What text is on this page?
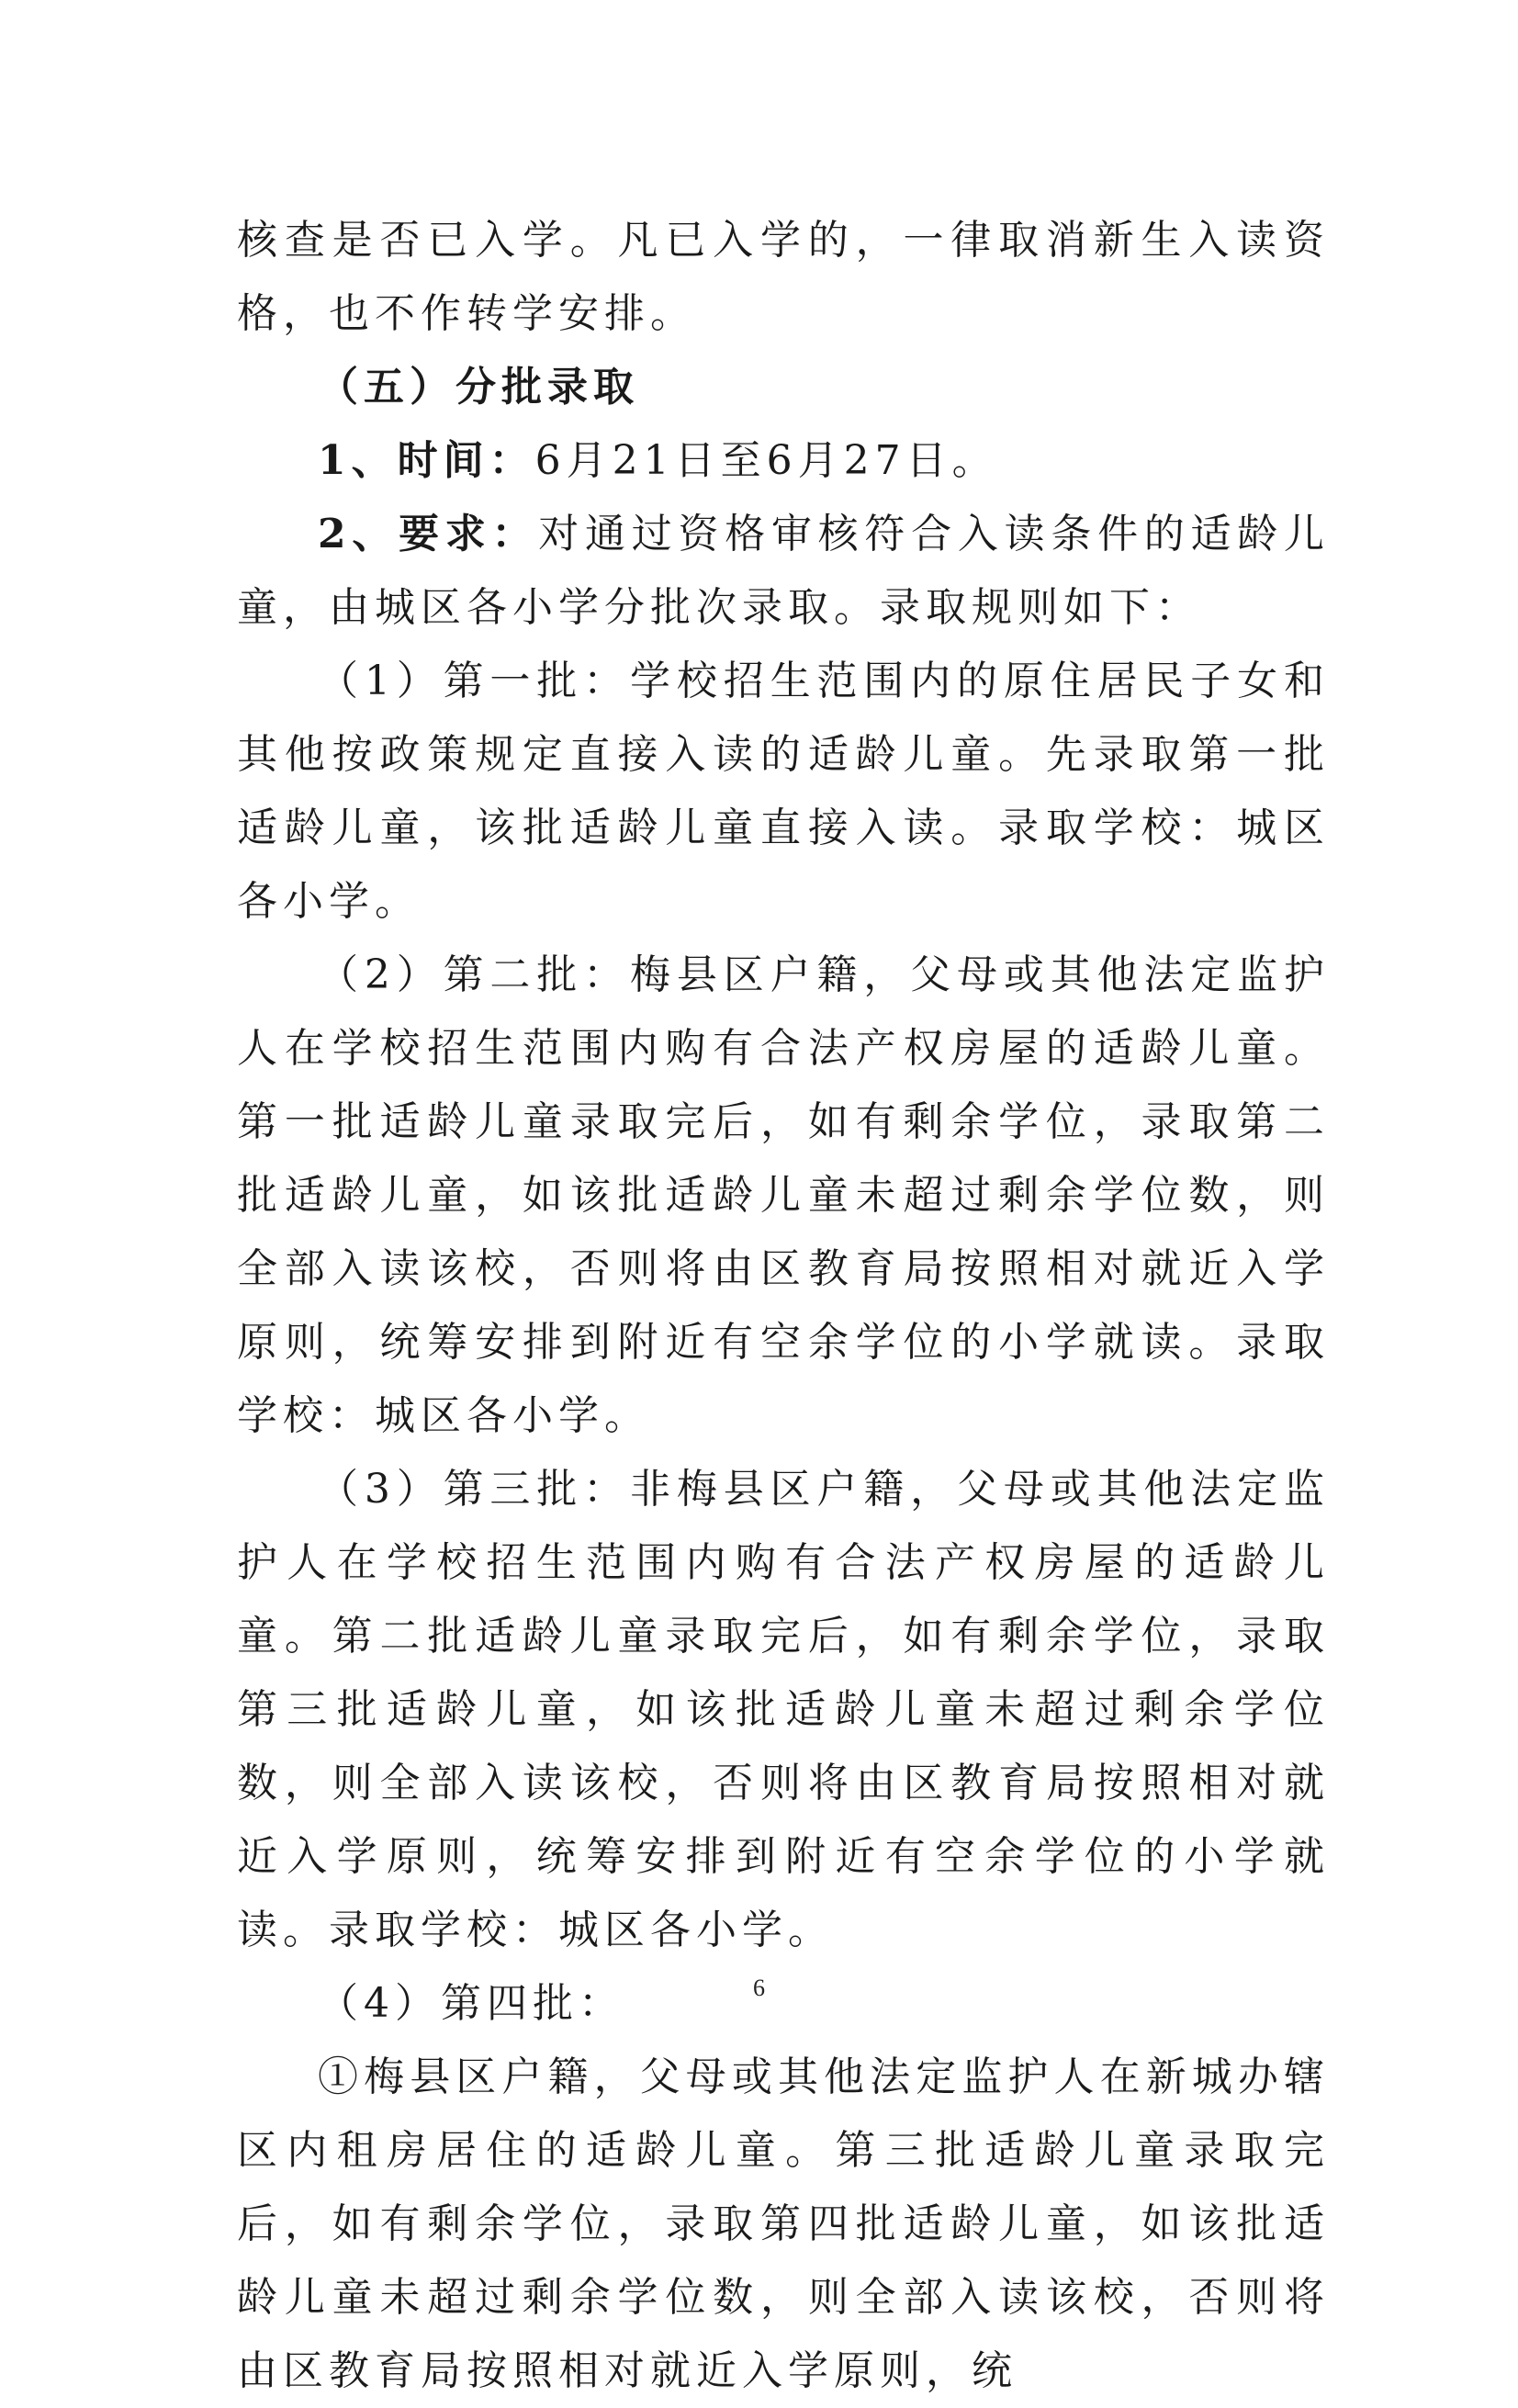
核查是否已入学。凡已入学的，一律取消新生入读资格，也不作转学安排。

（五）分批录取

1、时间：6月21日至6月27日。

2、要求：对通过资格审核符合入读条件的适龄儿童，由城区各小学分批次录取。录取规则如下：

（1）第一批：学校招生范围内的原住居民子女和其他按政策规定直接入读的适龄儿童。先录取第一批适龄儿童，该批适龄儿童直接入读。录取学校：城区各小学。

（2）第二批：梅县区户籍，父母或其他法定监护人在学校招生范围内购有合法产权房屋的适龄儿童。第一批适龄儿童录取完后，如有剩余学位，录取第二批适龄儿童，如该批适龄儿童未超过剩余学位数，则全部入读该校，否则将由区教育局按照相对就近入学原则，统筹安排到附近有空余学位的小学就读。录取学校：城区各小学。

（3）第三批：非梅县区户籍，父母或其他法定监护人在学校招生范围内购有合法产权房屋的适龄儿童。第二批适龄儿童录取完后，如有剩余学位，录取第三批适龄儿童，如该批适龄儿童未超过剩余学位数，则全部入读该校，否则将由区教育局按照相对就近入学原则，统筹安排到附近有空余学位的小学就读。录取学校：城区各小学。

（4）第四批：

①梅县区户籍，父母或其他法定监护人在新城办辖区内租房居住的适龄儿童。第三批适龄儿童录取完后，如有剩余学位，录取第四批适龄儿童，如该批适龄儿童未超过剩余学位数，则全部入读该校，否则将由区教育局按照相对就近入学原则，统

6
